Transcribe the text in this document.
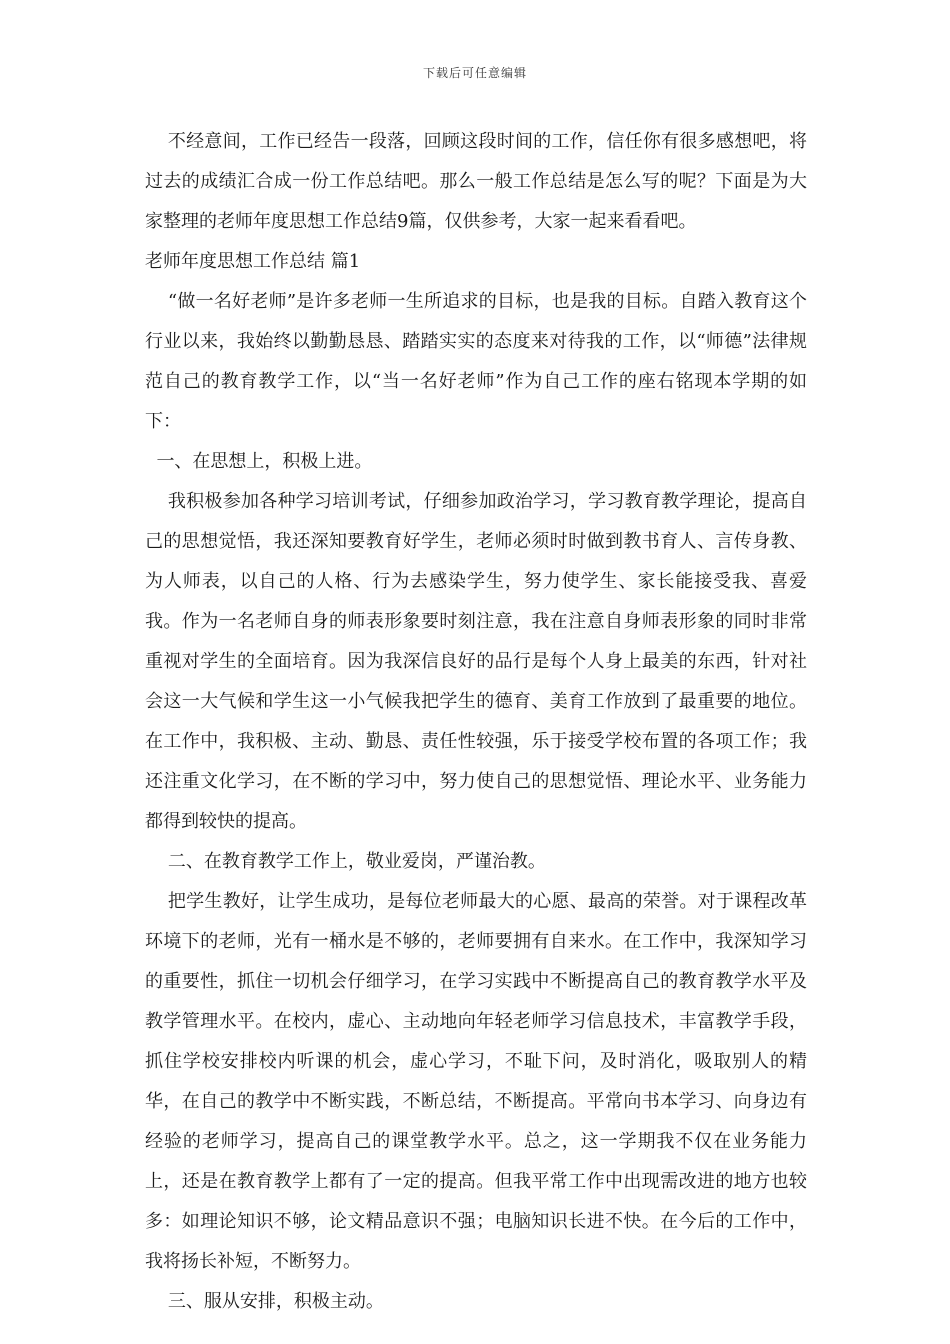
下载后可任意编辑

不经意间，工作已经告一段落，回顾这段时间的工作，信任你有很多感想吧，将过去的成绩汇合成一份工作总结吧。那么一般工作总结是怎么写的呢？下面是为大家整理的老师年度思想工作总结9篇，仅供参考，大家一起来看看吧。

老师年度思想工作总结 篇1

“做一名好老师”是许多老师一生所追求的目标，也是我的目标。自踏入教育这个行业以来，我始终以勤勤恳恳、踏踏实实的态度来对待我的工作，以“师德”法律规范自己的教育教学工作，以“当一名好老师”作为自己工作的座右铭现本学期的如下：

一、在思想上，积极上进。

我积极参加各种学习培训考试，仔细参加政治学习，学习教育教学理论，提高自己的思想觉悟，我还深知要教育好学生，老师必须时时做到教书育人、言传身教、为人师表，以自己的人格、行为去感染学生，努力使学生、家长能接受我、喜爱我。作为一名老师自身的师表形象要时刻注意，我在注意自身师表形象的同时非常重视对学生的全面培育。因为我深信良好的品行是每个人身上最美的东西，针对社会这一大气候和学生这一小气候我把学生的德育、美育工作放到了最重要的地位。在工作中，我积极、主动、勤恳、责任性较强，乐于接受学校布置的各项工作；我还注重文化学习，在不断的学习中，努力使自己的思想觉悟、理论水平、业务能力都得到较快的提高。

二、在教育教学工作上，敬业爱岗，严谨治教。

把学生教好，让学生成功，是每位老师最大的心愿、最高的荣誉。对于课程改革环境下的老师，光有一桶水是不够的，老师要拥有自来水。在工作中，我深知学习的重要性，抓住一切机会仔细学习，在学习实践中不断提高自己的教育教学水平及教学管理水平。在校内，虚心、主动地向年轻老师学习信息技术，丰富教学手段，抓住学校安排校内听课的机会，虚心学习，不耻下问，及时消化，吸取别人的精华，在自己的教学中不断实践，不断总结，不断提高。平常向书本学习、向身边有经验的老师学习，提高自己的课堂教学水平。总之，这一学期我不仅在业务能力上，还是在教育教学上都有了一定的提高。但我平常工作中出现需改进的地方也较多：如理论知识不够，论文精品意识不强；电脑知识长进不快。在今后的工作中，我将扬长补短，不断努力。

三、服从安排，积极主动。
